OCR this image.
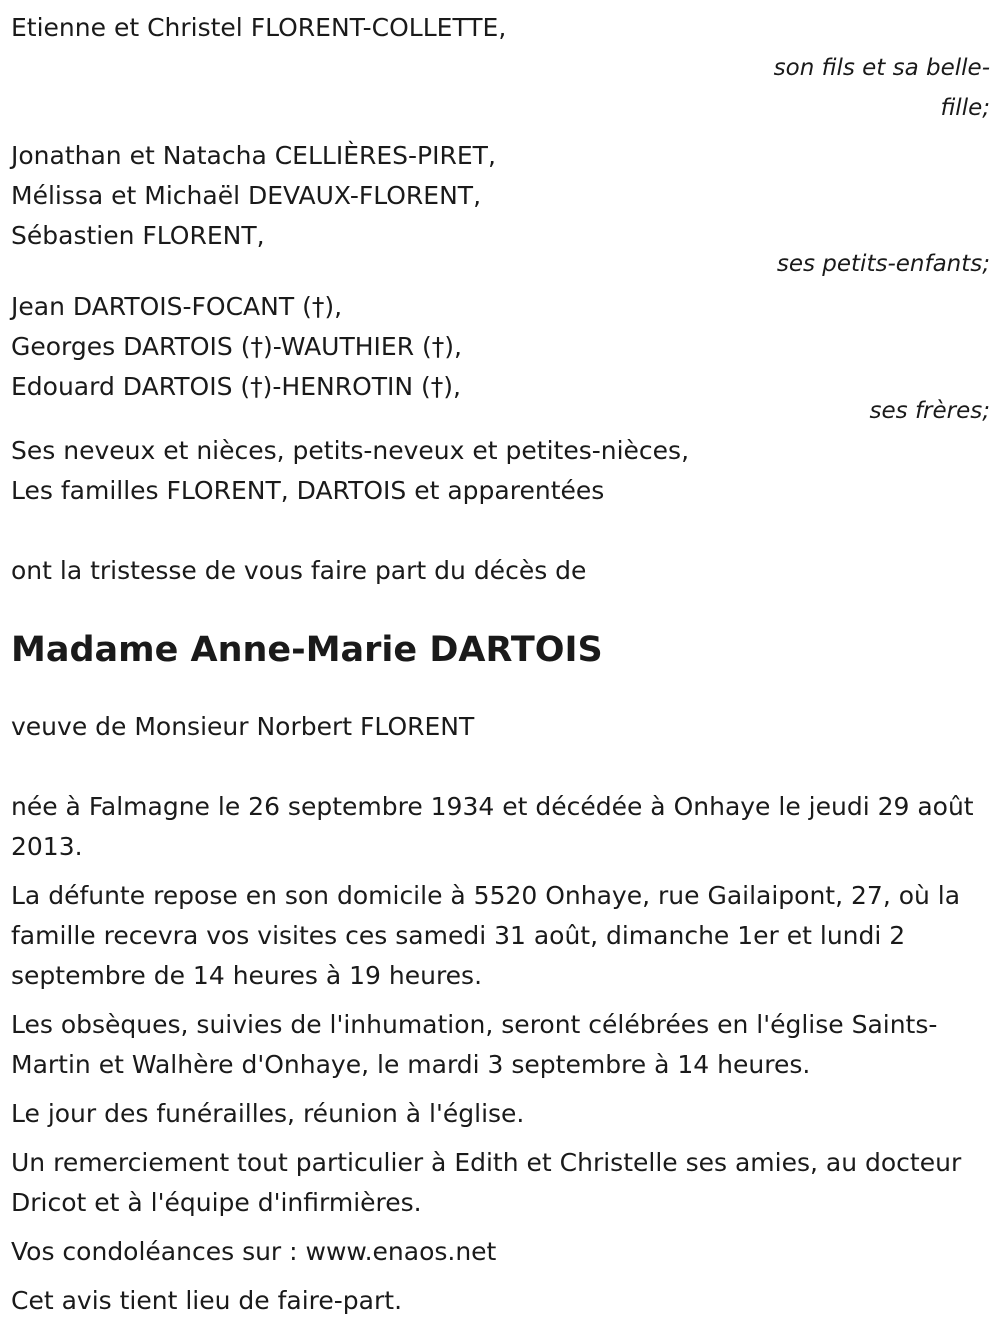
Etienne et Christel FLORENT-COLLETTE,
son fils et sa belle-fille;
Jonathan et Natacha CELLIÈRES-PIRET,
Mélissa et Michaël DEVAUX-FLORENT,
Sébastien FLORENT,
ses petits-enfants;
Jean DARTOIS-FOCANT (†),
Georges DARTOIS (†)-WAUTHIER (†),
Edouard DARTOIS (†)-HENROTIN (†),
ses frères;
Ses neveux et nièces, petits-neveux et petites-nièces,
Les familles FLORENT, DARTOIS et apparentées
ont la tristesse de vous faire part du décès de
Madame Anne-Marie DARTOIS
veuve de Monsieur Norbert FLORENT

née à Falmagne le 26 septembre 1934 et décédée à Onhaye le jeudi 29 août 2013.

La défunte repose en son domicile à 5520 Onhaye, rue Gailaipont, 27, où la famille recevra vos visites ces samedi 31 août, dimanche 1er et lundi 2 septembre de 14 heures à 19 heures.

Les obsèques, suivies de l'inhumation, seront célébrées en l'église Saints-Martin et Walhère d'Onhaye, le mardi 3 septembre à 14 heures.

Le jour des funérailles, réunion à l'église.

Un remerciement tout particulier à Edith et Christelle ses amies, au docteur Dricot et à l'équipe d'infirmières.

Vos condoléances sur : www.enaos.net

Cet avis tient lieu de faire-part.
